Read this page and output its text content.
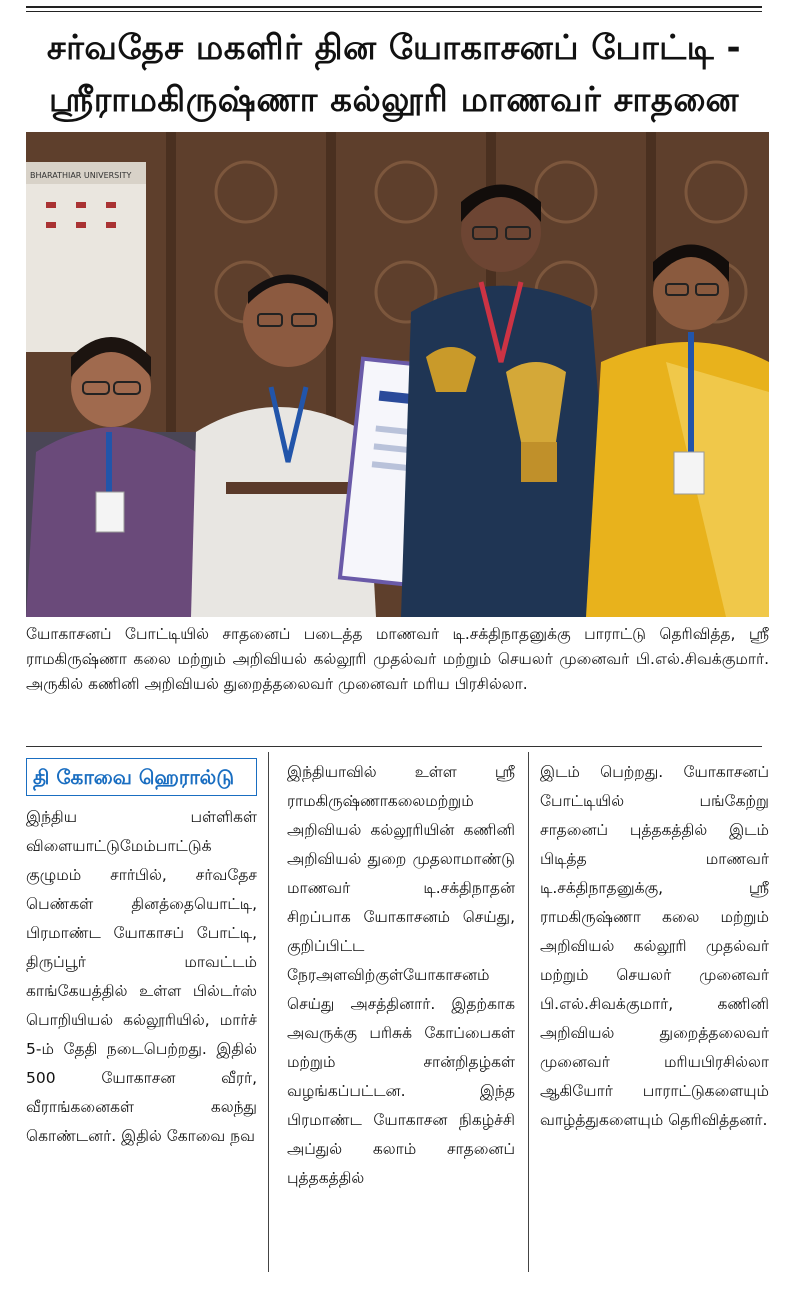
சர்வதேச மகளிர் தின யோகாசனப் போட்டி -
ஸ்ரீராமகிருஷ்ணா கல்லூரி மாணவர் சாதனை
BHARATHIAR UNIVERSITY
யோகாசனப் போட்டியில் சாதனைப் படைத்த மாணவர் டி.சக்திநாதனுக்கு பாராட்டு தெரிவித்த, ஸ்ரீ ராமகிருஷ்ணா கலை மற்றும் அறிவியல் கல்லூரி முதல்வர் மற்றும் செயலர் முனைவர் பி.எல்.சிவக்குமார். அருகில் கணினி அறிவியல் துறைத்தலைவர் முனைவர் மரிய பிரசில்லா.
தி கோவை ஹெரால்டு
இந்திய பள்ளிகள் விளையாட்டுமேம்பாட்டுக் குழுமம் சார்பில், சர்வதேச பெண்கள் தினத்தையொட்டி, பிரமாண்ட யோகாசப் போட்டி, திருப்பூர் மாவட்டம் காங்கேயத்தில் உள்ள பில்டர்ஸ் பொறியியல் கல்லூரியில், மார்ச் 5-ம் தேதி நடைபெற்றது. இதில் 500 யோகாசன வீரர், வீராங்கனைகள் கலந்து கொண்டனர். இதில் கோவை நவ
இந்தியாவில் உள்ள ஸ்ரீ ராமகிருஷ்ணாகலைமற்றும் அறிவியல் கல்லூரியின் கணினி அறிவியல் துறை முதலாமாண்டு மாணவர் டி.சக்திநாதன் சிறப்பாக யோகாசனம் செய்து, குறிப்பிட்ட நேரஅளவிற்குள்யோகாசனம் செய்து அசத்தினார். இதற்காக அவருக்கு பரிசுக் கோப்பைகள் மற்றும் சான்றிதழ்கள் வழங்கப்பட்டன. இந்த பிரமாண்ட யோகாசன நிகழ்ச்சி அப்துல் கலாம் சாதனைப் புத்தகத்தில்
இடம் பெற்றது. யோகாசனப் போட்டியில் பங்கேற்று சாதனைப் புத்தகத்தில் இடம் பிடித்த மாணவர் டி.சக்திநாதனுக்கு, ஸ்ரீ ராமகிருஷ்ணா கலை மற்றும் அறிவியல் கல்லூரி முதல்வர் மற்றும் செயலர் முனைவர் பி.எல்.சிவக்குமார், கணினி அறிவியல் துறைத்தலைவர் முனைவர் மரியபிரசில்லா ஆகியோர் பாராட்டுகளையும் வாழ்த்துகளையும் தெரிவித்தனர்.
